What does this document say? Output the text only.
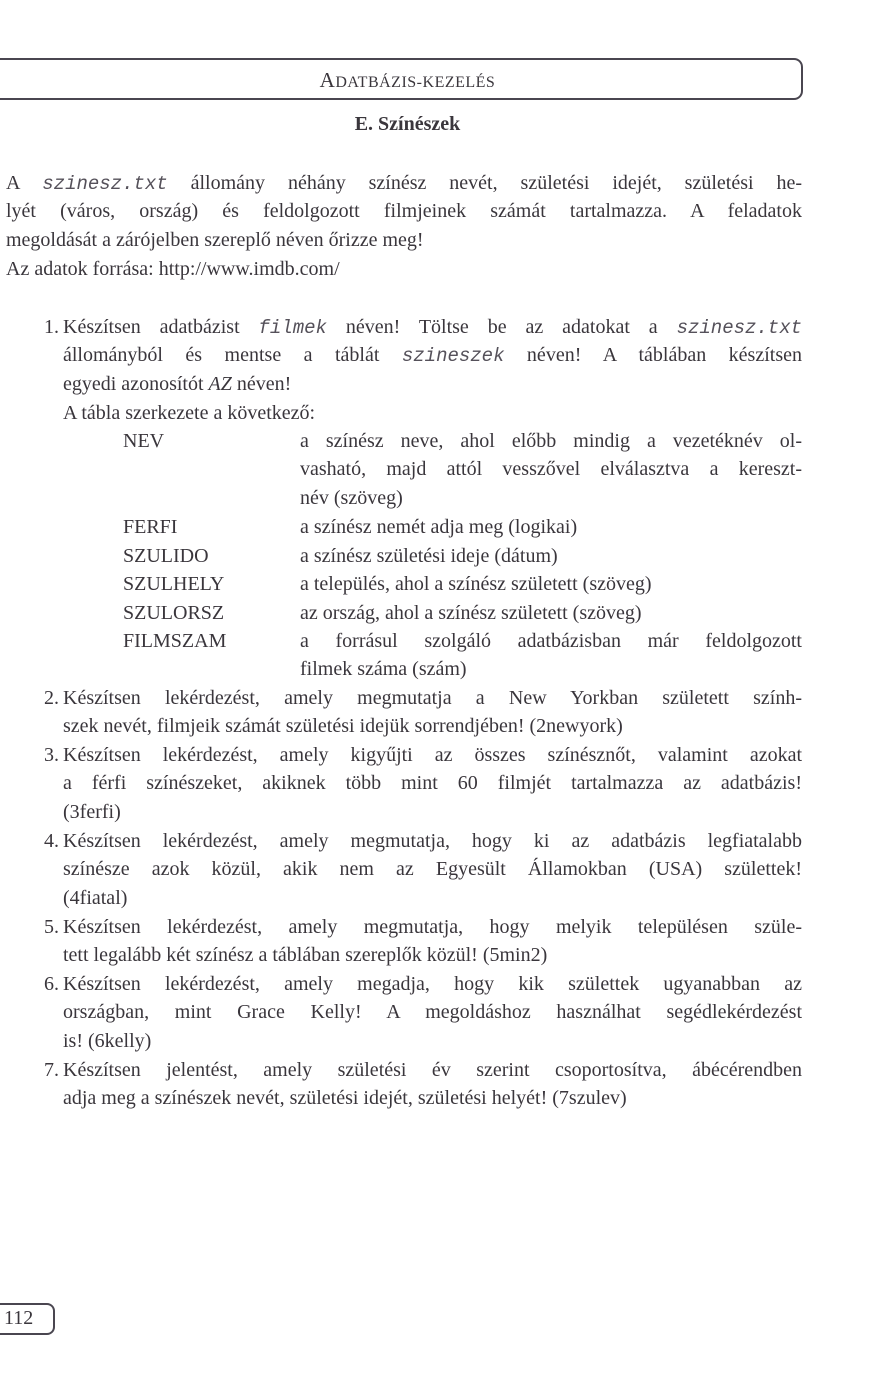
ADATBÁZIS-KEZELÉS
E. Színészek
A szinesz.txt állomány néhány színész nevét, születési idejét, születési he-
lyét (város, ország) és feldolgozott filmjeinek számát tartalmazza. A feladatok
megoldását a zárójelben szereplő néven őrizze meg!
Az adatok forrása: http://www.imdb.com/
1. Készítsen adatbázist filmek néven! Töltse be az adatokat a szinesz.txt
állományból és mentse a táblát szineszek néven! A táblában készítsen
egyedi azonosítót AZ néven!
A tábla szerkezete a következő:
NEV	a színész neve, ahol előbb mindig a vezetéknév ol-
vasható, majd attól vesszővel elválasztva a kereszt-
név (szöveg)
FERFI	a színész nemét adja meg (logikai)
SZULIDO	a színész születési ideje (dátum)
SZULHELY	a település, ahol a színész született (szöveg)
SZULORSZ	az ország, ahol a színész született (szöveg)
FILMSZAM	a forrásul szolgáló adatbázisban már feldolgozott
filmek száma (szám)
2. Készítsen lekérdezést, amely megmutatja a New Yorkban született szính-
szek nevét, filmjeik számát születési idejük sorrendjében! (2newyork)
3. Készítsen lekérdezést, amely kigyűjti az összes színésznőt, valamint azokat
a férfi színészeket, akiknek több mint 60 filmjét tartalmazza az adatbázis!
(3ferfi)
4. Készítsen lekérdezést, amely megmutatja, hogy ki az adatbázis legfiatalabb
színésze azok közül, akik nem az Egyesült Államokban (USA) születtek!
(4fiatal)
5. Készítsen lekérdezést, amely megmutatja, hogy melyik településen szüle-
tett legalább két színész a táblában szereplők közül! (5min2)
6. Készítsen lekérdezést, amely megadja, hogy kik születtek ugyanabban az
országban, mint Grace Kelly! A megoldáshoz használhat segédlekérdezést
is! (6kelly)
7. Készítsen jelentést, amely születési év szerint csoportosítva, ábécérendben
adja meg a színészek nevét, születési idejét, születési helyét! (7szulev)
112
